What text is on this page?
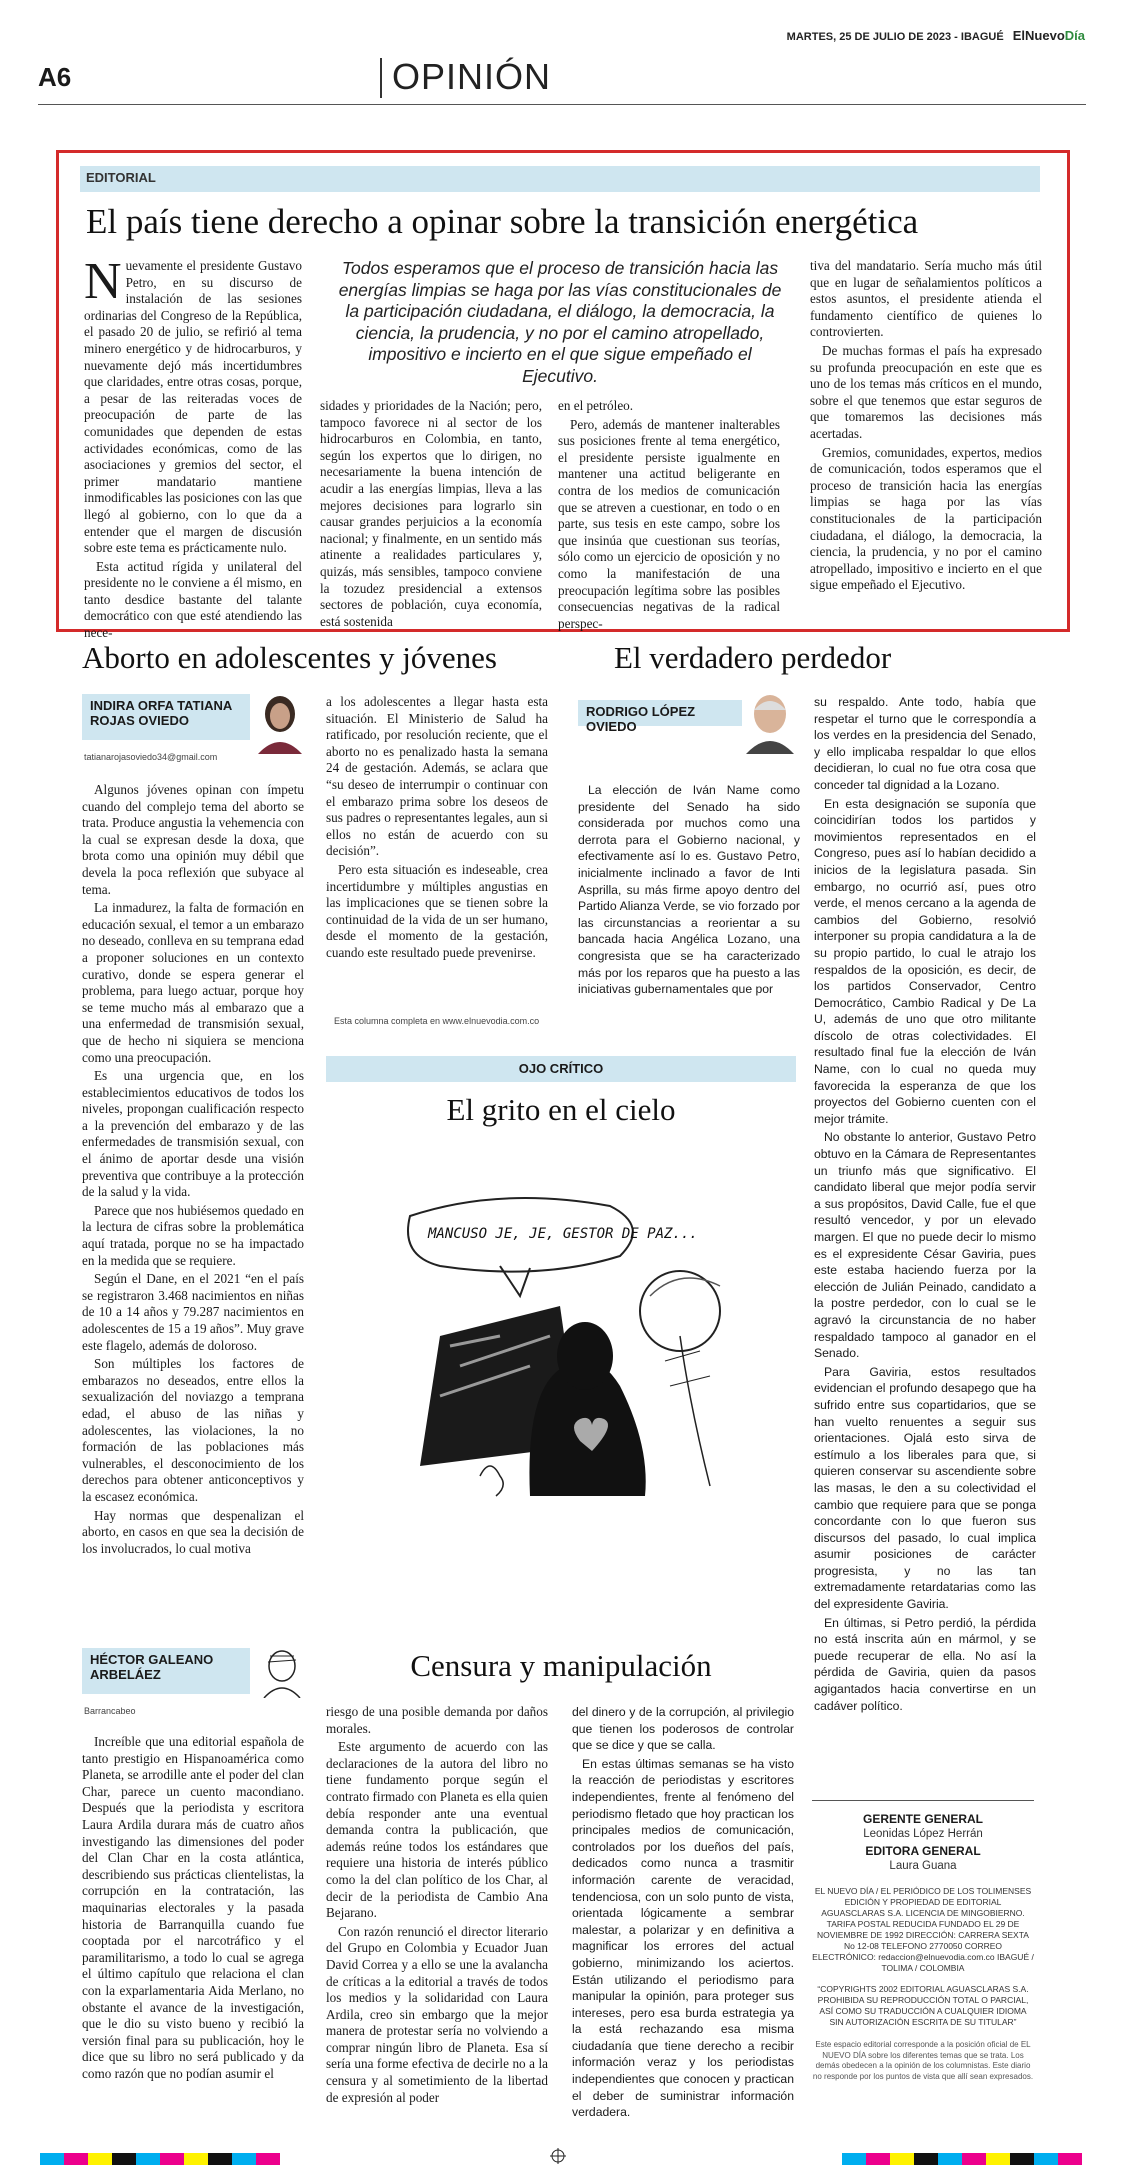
MARTES, 25 DE JULIO DE 2023 - IBAGUÉ ElNuevoDía
A6	OPINIÓN
EDITORIAL
El país tiene derecho a opinar sobre la transición energética
N uevamente el presidente Gustavo Petro, en su discurso de instalación de las sesiones ordinarias del Congreso de la República, el pasado 20 de julio, se refirió al tema minero energético y de hidrocarburos, y nuevamente dejó más incertidumbres que claridades, entre otras cosas, porque, a pesar de las reiteradas voces de preocupación de parte de las comunidades que dependen de estas actividades económicas, como de las asociaciones y gremios del sector, el primer mandatario mantiene inmodificables las posiciones con las que llegó al gobierno, con lo que da a entender que el margen de discusión sobre este tema es prácticamente nulo.

Esta actitud rígida y unilateral del presidente no le conviene a él mismo, en tanto desdice bastante del talante democrático con que esté atendiendo las nece-

Todos esperamos que el proceso de transición hacia las energías limpias se haga por las vías constitucionales de la participación ciudadana, el diálogo, la democracia, la ciencia, la prudencia, y no por el camino atropellado, impositivo e incierto en el que sigue empeñado el Ejecutivo.

sidades y prioridades de la Nación; pero, tampoco favorece ni al sector de los hidrocarburos en Colombia, en tanto, según los expertos que lo dirigen, no necesariamente la buena intención de acudir a las energías limpias, lleva a las mejores decisiones para lograrlo sin causar grandes perjuicios a la economía nacional; y finalmente, en un sentido más atinente a realidades particulares y, quizás, más sensibles, tampoco conviene la tozudez presidencial a extensos sectores de población, cuya economía, está sostenida

en el petróleo.

Pero, además de mantener inalterables sus posiciones frente al tema energético, el presidente persiste igualmente en mantener una actitud beligerante en contra de los medios de comunicación que se atreven a cuestionar, en todo o en parte, sus tesis en este campo, sobre los que insinúa que cuestionan sus teorías, sólo como un ejercicio de oposición y no como la manifestación de una preocupación legítima sobre las posibles consecuencias negativas de la radical perspec-

tiva del mandatario. Sería mucho más útil que en lugar de señalamientos políticos a estos asuntos, el presidente atienda el fundamento científico de quienes lo controvierten.

De muchas formas el país ha expresado su profunda preocupación en este que es uno de los temas más críticos en el mundo, sobre el que tenemos que estar seguros de que tomaremos las decisiones más acertadas.

Gremios, comunidades, expertos, medios de comunicación, todos esperamos que el proceso de transición hacia las energías limpias se haga por las vías constitucionales de la participación ciudadana, el diálogo, la democracia, la ciencia, la prudencia, y no por el camino atropellado, impositivo e incierto en el que sigue empeñado el Ejecutivo.

Aborto en adolescentes y jóvenes
INDIRA ORFA TATIANA ROJAS OVIEDO
tatianarojasoviedo34@gmail.com

Algunos jóvenes opinan con ímpetu cuando del complejo tema del aborto se trata. Produce angustia la vehemencia con la cual se expresan desde la doxa, que brota como una opinión muy débil que devela la poca reflexión que subyace al tema.

La inmadurez, la falta de formación en educación sexual, el temor a un embarazo no deseado, conlleva en su temprana edad a proponer soluciones en un contexto curativo, donde se espera generar el problema, para luego actuar, porque hoy se teme mucho más al embarazo que a una enfermedad de transmisión sexual, que de hecho ni siquiera se menciona como una preocupación.

Es una urgencia que, en los establecimientos educativos de todos los niveles, propongan cualificación respecto a la prevención del embarazo y de las enfermedades de transmisión sexual, con el ánimo de aportar desde una visión preventiva que contribuye a la protección de la salud y la vida.

Parece que nos hubiésemos quedado en la lectura de cifras sobre la problemática aquí tratada, porque no se ha impactado en la medida que se requiere.

Según el Dane, en el 2021 “en el país se registraron 3.468 nacimientos en niñas de 10 a 14 años y 79.287 nacimientos en adolescentes de 15 a 19 años”. Muy grave este flagelo, además de doloroso.

Son múltiples los factores de embarazos no deseados, entre ellos la sexualización del noviazgo a temprana edad, el abuso de las niñas y adolescentes, las violaciones, la no formación de las poblaciones más vulnerables, el desconocimiento de los derechos para obtener anticonceptivos y la escasez económica.

Hay normas que despenalizan el aborto, en casos en que sea la decisión de los involucrados, lo cual motiva

a los adolescentes a llegar hasta esta situación. El Ministerio de Salud ha ratificado, por resolución reciente, que el aborto no es penalizado hasta la semana 24 de gestación. Además, se aclara que “su deseo de interrumpir o continuar con el embarazo prima sobre los deseos de sus padres o representantes legales, aun si ellos no están de acuerdo con su decisión”.

Pero esta situación es indeseable, crea incertidumbre y múltiples angustias en las implicaciones que se tienen sobre la continuidad de la vida de un ser humano, desde el momento de la gestación, cuando este resultado puede prevenirse.

Esta columna completa en www.elnuevodia.com.co
OJO CRÍTICO
El grito en el cielo
MANCUSO JE, JE, GESTOR DE PAZ...
El verdadero perdedor
RODRIGO LÓPEZ OVIEDO

La elección de Iván Name como presidente del Senado ha sido considerada por muchos como una derrota para el Gobierno nacional, y efectivamente así lo es. Gustavo Petro, inicialmente inclinado a favor de Inti Asprilla, su más firme apoyo dentro del Partido Alianza Verde, se vio forzado por las circunstancias a reorientar a su bancada hacia Angélica Lozano, una congresista que se ha caracterizado más por los reparos que ha puesto a las iniciativas gubernamentales que por

su respaldo. Ante todo, había que respetar el turno que le correspondía a los verdes en la presidencia del Senado, y ello implicaba respaldar lo que ellos decidieran, lo cual no fue otra cosa que conceder tal dignidad a la Lozano.

En esta designación se suponía que coincidirían todos los partidos y movimientos representados en el Congreso, pues así lo habían decidido a inicios de la legislatura pasada. Sin embargo, no ocurrió así, pues otro verde, el menos cercano a la agenda de cambios del Gobierno, resolvió interponer su propia candidatura a la de su propio partido, lo cual le atrajo los respaldos de la oposición, es decir, de los partidos Conservador, Centro Democrático, Cambio Radical y De La U, además de uno que otro militante díscolo de otras colectividades. El resultado final fue la elección de Iván Name, con lo cual no queda muy favorecida la esperanza de que los proyectos del Gobierno cuenten con el mejor trámite.

No obstante lo anterior, Gustavo Petro obtuvo en la Cámara de Representantes un triunfo más que significativo. El candidato liberal que mejor podía servir a sus propósitos, David Calle, fue el que resultó vencedor, y por un elevado margen. El que no puede decir lo mismo es el expresidente César Gaviria, pues este estaba haciendo fuerza por la elección de Julián Peinado, candidato a la postre perdedor, con lo cual se le agravó la circunstancia de no haber respaldado tampoco al ganador en el Senado.

Para Gaviria, estos resultados evidencian el profundo desapego que ha sufrido entre sus copartidarios, que se han vuelto renuentes a seguir sus orientaciones. Ojalá esto sirva de estímulo a los liberales para que, si quieren conservar su ascendiente sobre las masas, le den a su colectividad el cambio que requiere para que se ponga concordante con lo que fueron sus discursos del pasado, lo cual implica asumir posiciones de carácter progresista, y no las tan extremadamente retardatarias como las del expresidente Gaviria.

En últimas, si Petro perdió, la pérdida no está inscrita aún en mármol, y se puede recuperar de ella. No así la pérdida de Gaviria, quien da pasos agigantados hacia convertirse en un cadáver político.

HÉCTOR GALEANO ARBELÁEZ
Barrancabeo
Censura y manipulación

Increíble que una editorial española de tanto prestigio en Hispanoamérica como Planeta, se arrodille ante el poder del clan Char, parece un cuento macondiano. Después que la periodista y escritora Laura Ardila durara más de cuatro años investigando las dimensiones del poder del Clan Char en la costa atlántica, describiendo sus prácticas clientelistas, la corrupción en la contratación, las maquinarias electorales y la pasada historia de Barranquilla cuando fue cooptada por el narcotráfico y el paramilitarismo, a todo lo cual se agrega el último capítulo que relaciona el clan con la exparlamentaria Aida Merlano, no obstante el avance de la investigación, que le dio su visto bueno y recibió la versión final para su publicación, hoy le dice que su libro no será publicado y da como razón que no podían asumir el

riesgo de una posible demanda por daños morales.

Este argumento de acuerdo con las declaraciones de la autora del libro no tiene fundamento porque según el contrato firmado con Planeta es ella quien debía responder ante una eventual demanda contra la publicación, que además reúne todos los estándares que requiere una historia de interés público como la del clan político de los Char, al decir de la periodista de Cambio Ana Bejarano.

Con razón renunció el director literario del Grupo en Colombia y Ecuador Juan David Correa y a ello se une la avalancha de críticas a la editorial a través de todos los medios y la solidaridad con Laura Ardila, creo sin embargo que la mejor manera de protestar sería no volviendo a comprar ningún libro de Planeta. Esa sí sería una forme efectiva de decirle no a la censura y al sometimiento de la libertad de expresión al poder

del dinero y de la corrupción, al privilegio que tienen los poderosos de controlar que se dice y que se calla.

En estas últimas semanas se ha visto la reacción de periodistas y escritores independientes, frente al fenómeno del periodismo fletado que hoy practican los principales medios de comunicación, controlados por los dueños del país, dedicados como nunca a trasmitir información carente de veracidad, tendenciosa, con un solo punto de vista, orientada lógicamente a sembrar malestar, a polarizar y en definitiva a magnificar los errores del actual gobierno, minimizando los aciertos. Están utilizando el periodismo para manipular la opinión, para proteger sus intereses, pero esa burda estrategia ya la está rechazando esa misma ciudadanía que tiene derecho a recibir información veraz y los periodistas independientes que conocen y practican el deber de suministrar información verdadera.

GERENTE GENERAL
Leonidas López Herrán
EDITORA GENERAL
Laura Guana
EL NUEVO DÍA / EL PERIÓDICO DE LOS TOLIMENSES EDICIÓN Y PROPIEDAD DE EDITORIAL AGUASCLARAS S.A. LICENCIA DE MINGOBIERNO. TARIFA POSTAL REDUCIDA FUNDADO EL 29 DE NOVIEMBRE DE 1992 DIRECCIÓN: CARRERA SEXTA No 12-08 TELEFONO 2770050 CORREO ELECTRÓNICO: redaccion@elnuevodia.com.co IBAGUÉ / TOLIMA / COLOMBIA
“COPYRIGHTS 2002 EDITORIAL AGUASCLARAS S.A. PROHIBIDA SU REPRODUCCIÓN TOTAL O PARCIAL, ASÍ COMO SU TRADUCCIÓN A CUALQUIER IDIOMA SIN AUTORIZACIÓN ESCRITA DE SU TITULAR”
Este espacio editorial corresponde a la posición oficial de EL NUEVO DÍA sobre los diferentes temas que se trata. Los demás obedecen a la opinión de los columnistas. Este diario no responde por los puntos de vista que allí sean expresados.
